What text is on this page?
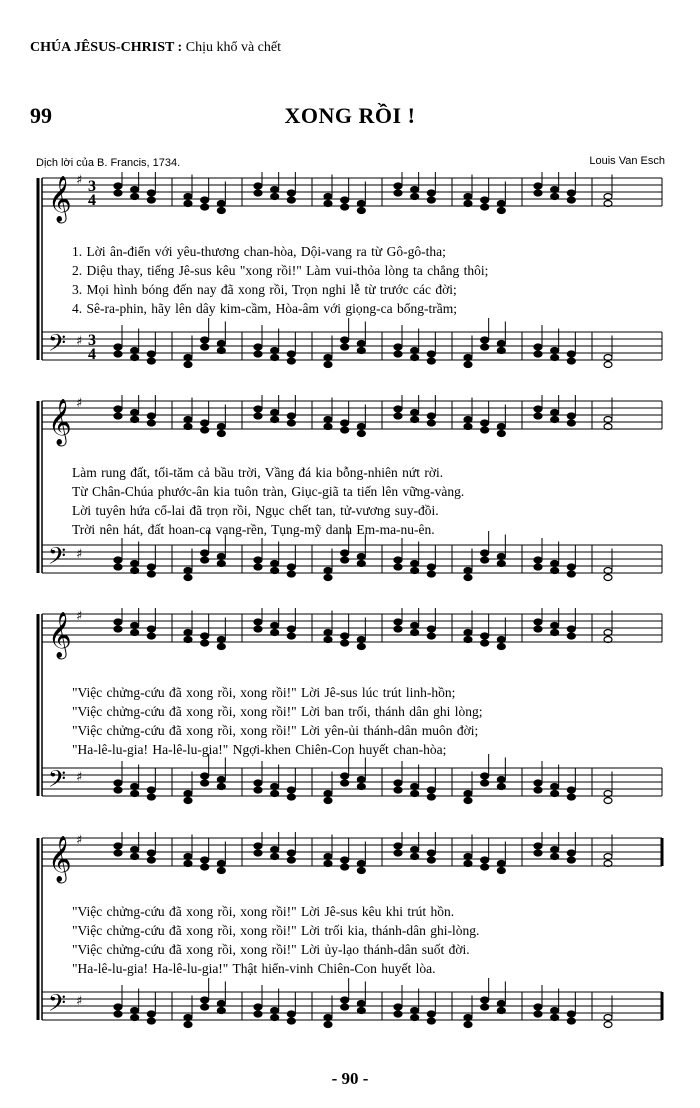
CHÚA JÊSUS-CHRIST : Chịu khổ và chết
99	XONG RỒI !
Dịch lời của B. Francis, 1734.	Louis Van Esch
𝄞
𝄢
♯
♯
3
4
3
4
1. Lời ân-điển với yêu-thương chan-hòa, Dội-vang ra từ Gô-gô-tha;
2. Diệu thay, tiếng Jê-sus kêu "xong rồi!" Làm vui-thỏa lòng ta chẳng thôi;
3. Mọi hình bóng đến nay đã xong rồi, Trọn nghi lễ từ trước các đời;
4. Sê-ra-phin, hãy lên dây kim-cầm, Hòa-âm với giọng-ca bổng-trầm;
𝄞
𝄢
♯
♯
Làm rung đất, tối-tăm cả bầu trời, Vầng đá kia bỗng-nhiên nứt rời.
Từ Chân-Chúa phước-ân kia tuôn tràn, Giục-giã ta tiến lên vững-vàng.
Lời tuyên hứa cổ-lai đã trọn rồi, Ngục chết tan, tử-vương suy-đồi.
Trời nên hát, đất hoan-ca vang-rền, Tụng-mỹ danh Em-ma-nu-ên.
𝄞
𝄢
♯
♯
"Việc chửng-cứu đã xong rồi, xong rồi!" Lời Jê-sus lúc trút linh-hồn;
"Việc chửng-cứu đã xong rồi, xong rồi!" Lời ban trối, thánh dân ghi lòng;
"Việc chửng-cứu đã xong rồi, xong rồi!" Lời yên-ủi thánh-dân muôn đời;
"Ha-lê-lu-gia! Ha-lê-lu-gia!" Ngợi-khen Chiên-Con huyết chan-hòa;
𝄞
𝄢
♯
♯
"Việc chửng-cứu đã xong rồi, xong rồi!" Lời Jê-sus kêu khi trút hồn.
"Việc chửng-cứu đã xong rồi, xong rồi!" Lời trối kia, thánh-dân ghi-lòng.
"Việc chửng-cứu đã xong rồi, xong rồi!" Lời ủy-lạo thánh-dân suốt đời.
"Ha-lê-lu-gia! Ha-lê-lu-gia!" Thật hiển-vinh Chiên-Con huyết lòa.
- 90 -
